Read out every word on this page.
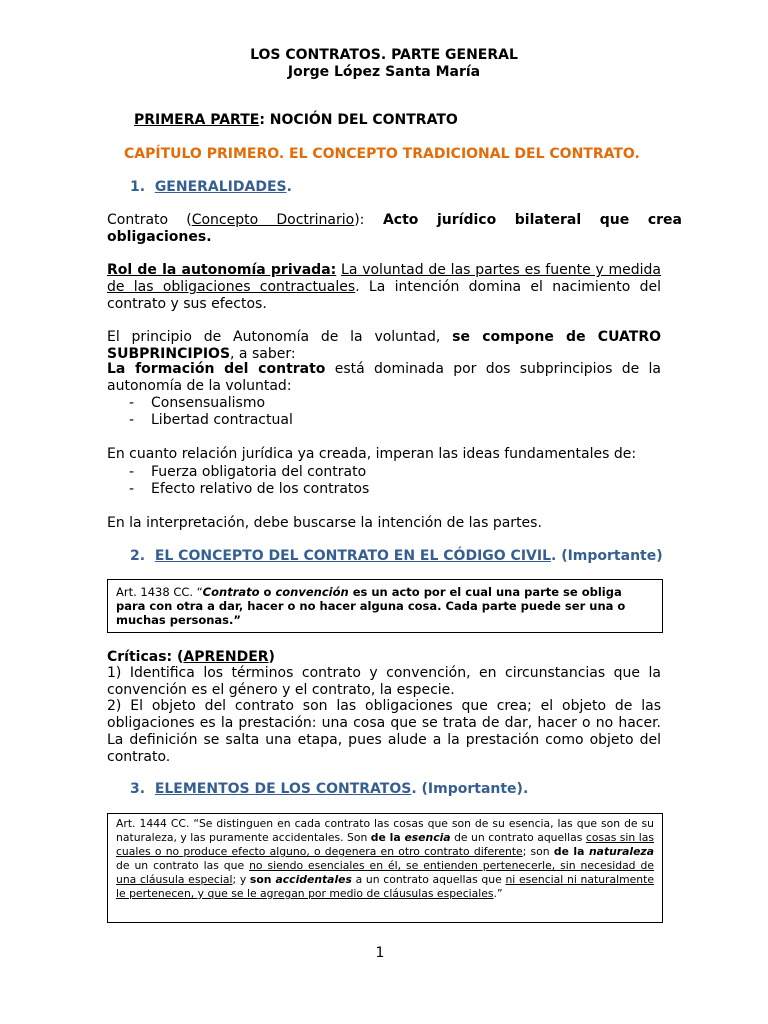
LOS CONTRATOS. PARTE GENERAL

Jorge López Santa María

PRIMERA PARTE: NOCIÓN DEL CONTRATO

CAPÍTULO PRIMERO. EL CONCEPTO TRADICIONAL DEL CONTRATO.

1. GENERALIDADES.

Contrato (Concepto Doctrinario): Acto jurídico bilateral que crea obligaciones.

Rol de la autonomía privada: La voluntad de las partes es fuente y medida de las obligaciones contractuales. La intención domina el nacimiento del contrato y sus efectos.

El principio de Autonomía de la voluntad, se compone de CUATRO SUBPRINCIPIOS, a saber:

La formación del contrato está dominada por dos subprincipios de la autonomía de la voluntad:

- Consensualismo
- Libertad contractual

En cuanto relación jurídica ya creada, imperan las ideas fundamentales de:

- Fuerza obligatoria del contrato
- Efecto relativo de los contratos

En la interpretación, debe buscarse la intención de las partes.

2. EL CONCEPTO DEL CONTRATO EN EL CÓDIGO CIVIL. (Importante)

Art. 1438 CC. “Contrato o convención es un acto por el cual una parte se obliga para con otra a dar, hacer o no hacer alguna cosa. Cada parte puede ser una o muchas personas.”

Críticas: (APRENDER)

1) Identifica los términos contrato y convención, en circunstancias que la convención es el género y el contrato, la especie.

2) El objeto del contrato son las obligaciones que crea; el objeto de las obligaciones es la prestación: una cosa que se trata de dar, hacer o no hacer. La definición se salta una etapa, pues alude a la prestación como objeto del contrato.

3. ELEMENTOS DE LOS CONTRATOS. (Importante).

Art. 1444 CC. “Se distinguen en cada contrato las cosas que son de su esencia, las que son de su naturaleza, y las puramente accidentales. Son de la esencia de un contrato aquellas cosas sin las cuales o no produce efecto alguno, o degenera en otro contrato diferente; son de la naturaleza de un contrato las que no siendo esenciales en él, se entienden pertenecerle, sin necesidad de una cláusula especial; y son accidentales a un contrato aquellas que ni esencial ni naturalmente le pertenecen, y que se le agregan por medio de cláusulas especiales.”

1
